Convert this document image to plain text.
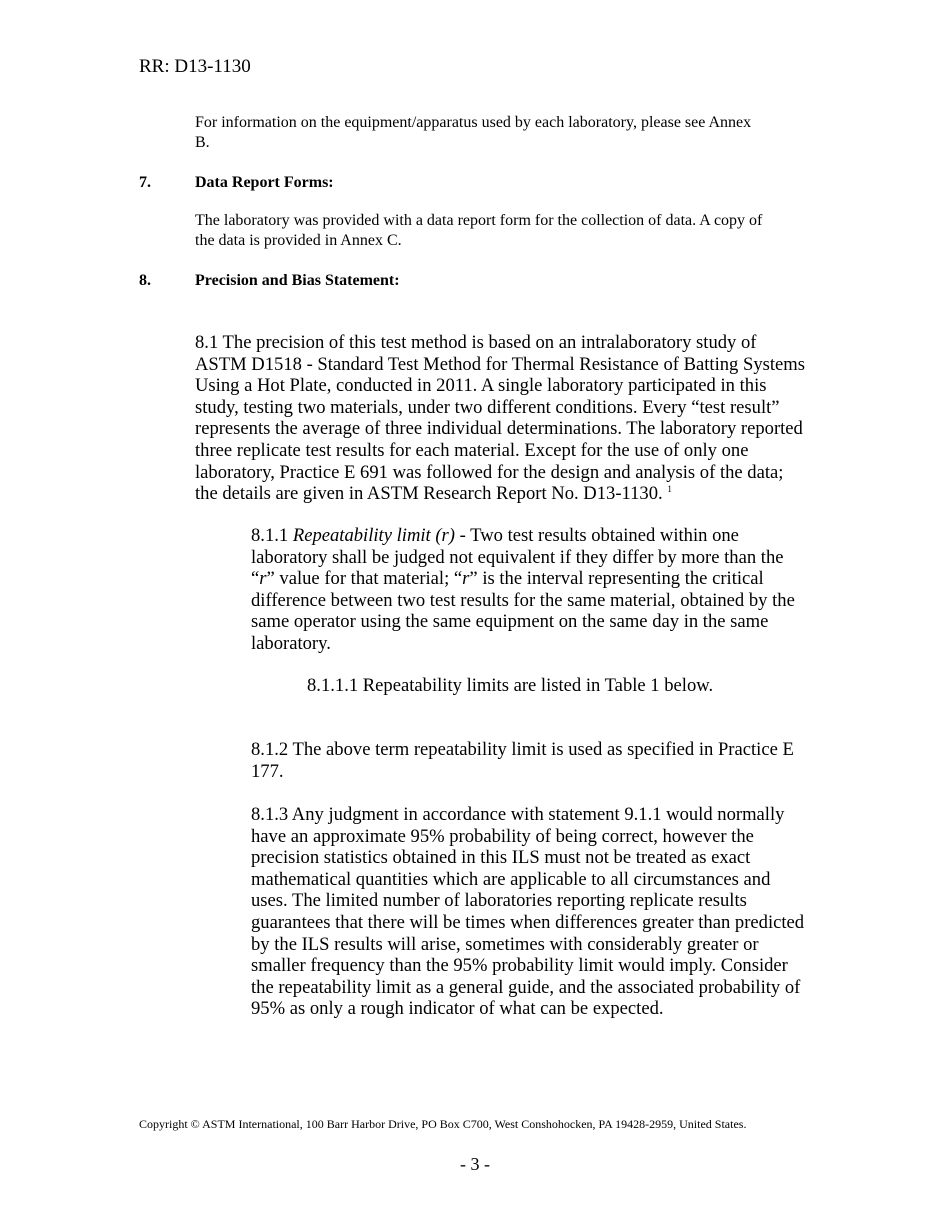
RR: D13-1130
For information on the equipment/apparatus used by each laboratory, please see Annex
B.
7.	Data Report Forms:
The laboratory was provided with a data report form for the collection of data. A copy of
the data is provided in Annex C.
8.	Precision and Bias Statement:
8.1 The precision of this test method is based on an intralaboratory study of
ASTM D1518 - Standard Test Method for Thermal Resistance of Batting Systems
Using a Hot Plate, conducted in 2011. A single laboratory participated in this
study, testing two materials, under two different conditions. Every “test result”
represents the average of three individual determinations. The laboratory reported
three replicate test results for each material. Except for the use of only one
laboratory, Practice E 691 was followed for the design and analysis of the data;
the details are given in ASTM Research Report No. D13-1130. $^1$
8.1.1 Repeatability limit (r) - Two test results obtained within one
laboratory shall be judged not equivalent if they differ by more than the
“r” value for that material; “r” is the interval representing the critical
difference between two test results for the same material, obtained by the
same operator using the same equipment on the same day in the same
laboratory.
8.1.1.1 Repeatability limits are listed in Table 1 below.
8.1.2 The above term repeatability limit is used as specified in Practice E
177.
8.1.3 Any judgment in accordance with statement 9.1.1 would normally
have an approximate 95% probability of being correct, however the
precision statistics obtained in this ILS must not be treated as exact
mathematical quantities which are applicable to all circumstances and
uses. The limited number of laboratories reporting replicate results
guarantees that there will be times when differences greater than predicted
by the ILS results will arise, sometimes with considerably greater or
smaller frequency than the 95% probability limit would imply. Consider
the repeatability limit as a general guide, and the associated probability of
95% as only a rough indicator of what can be expected.
Copyright © ASTM International, 100 Barr Harbor Drive, PO Box C700, West Conshohocken, PA 19428-2959, United States.
- 3 -
